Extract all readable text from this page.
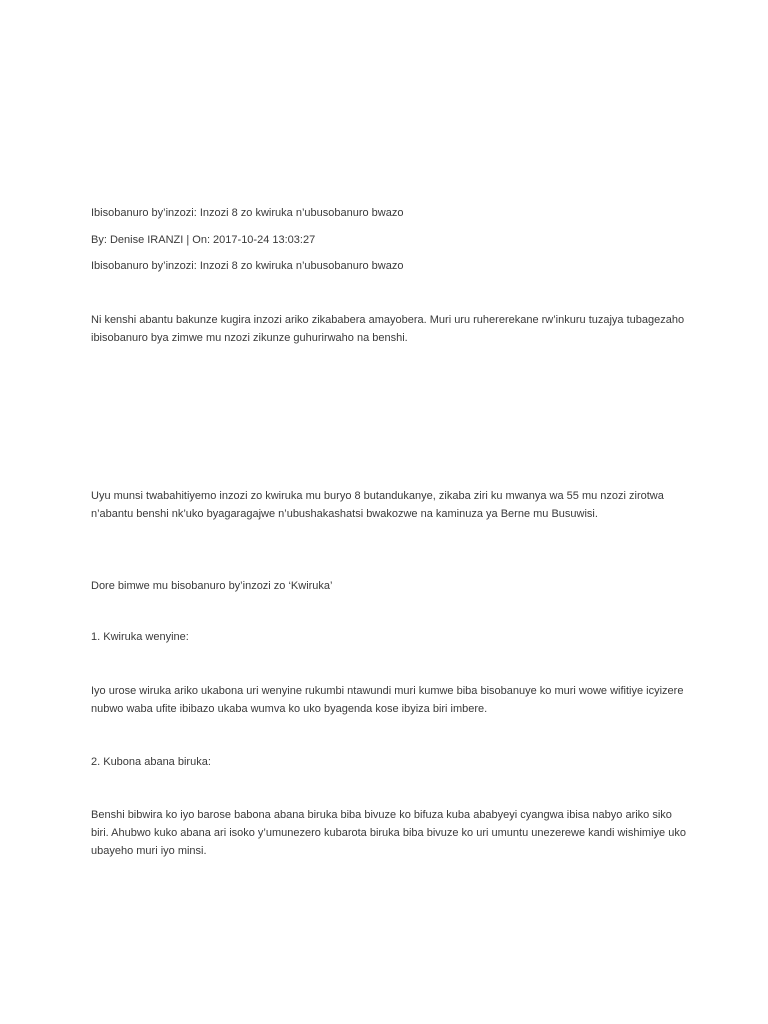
Ibisobanuro by’inzozi: Inzozi 8 zo kwiruka n’ubusobanuro bwazo

By: Denise IRANZI | On: 2017-10-24 13:03:27

Ibisobanuro by’inzozi: Inzozi 8 zo kwiruka n’ubusobanuro bwazo

Ni kenshi abantu bakunze kugira inzozi ariko zikababera amayobera. Muri uru ruhererekane rw’inkuru tuzajya tubagezaho ibisobanuro bya zimwe mu nzozi zikunze guhurirwaho na benshi.

Uyu munsi twabahitiyemo inzozi zo kwiruka mu buryo 8 butandukanye, zikaba ziri ku mwanya wa 55 mu nzozi zirotwa n’abantu benshi nk’uko byagaragajwe n’ubushakashatsi bwakozwe na kaminuza ya Berne mu Busuwisi.

Dore bimwe mu bisobanuro by’inzozi zo ‘Kwiruka’

1. Kwiruka wenyine:

Iyo urose wiruka ariko ukabona uri wenyine rukumbi ntawundi muri kumwe biba bisobanuye ko muri wowe wifitiye icyizere nubwo waba ufite ibibazo ukaba wumva ko uko byagenda kose ibyiza biri imbere.

2. Kubona abana biruka:

Benshi bibwira ko iyo barose babona abana biruka biba bivuze ko bifuza kuba ababyeyi cyangwa ibisa nabyo ariko siko biri. Ahubwo kuko abana ari isoko y’umunezero kubarota biruka biba bivuze ko uri umuntu unezerewe kandi wishimiye uko ubayeho muri iyo minsi.
